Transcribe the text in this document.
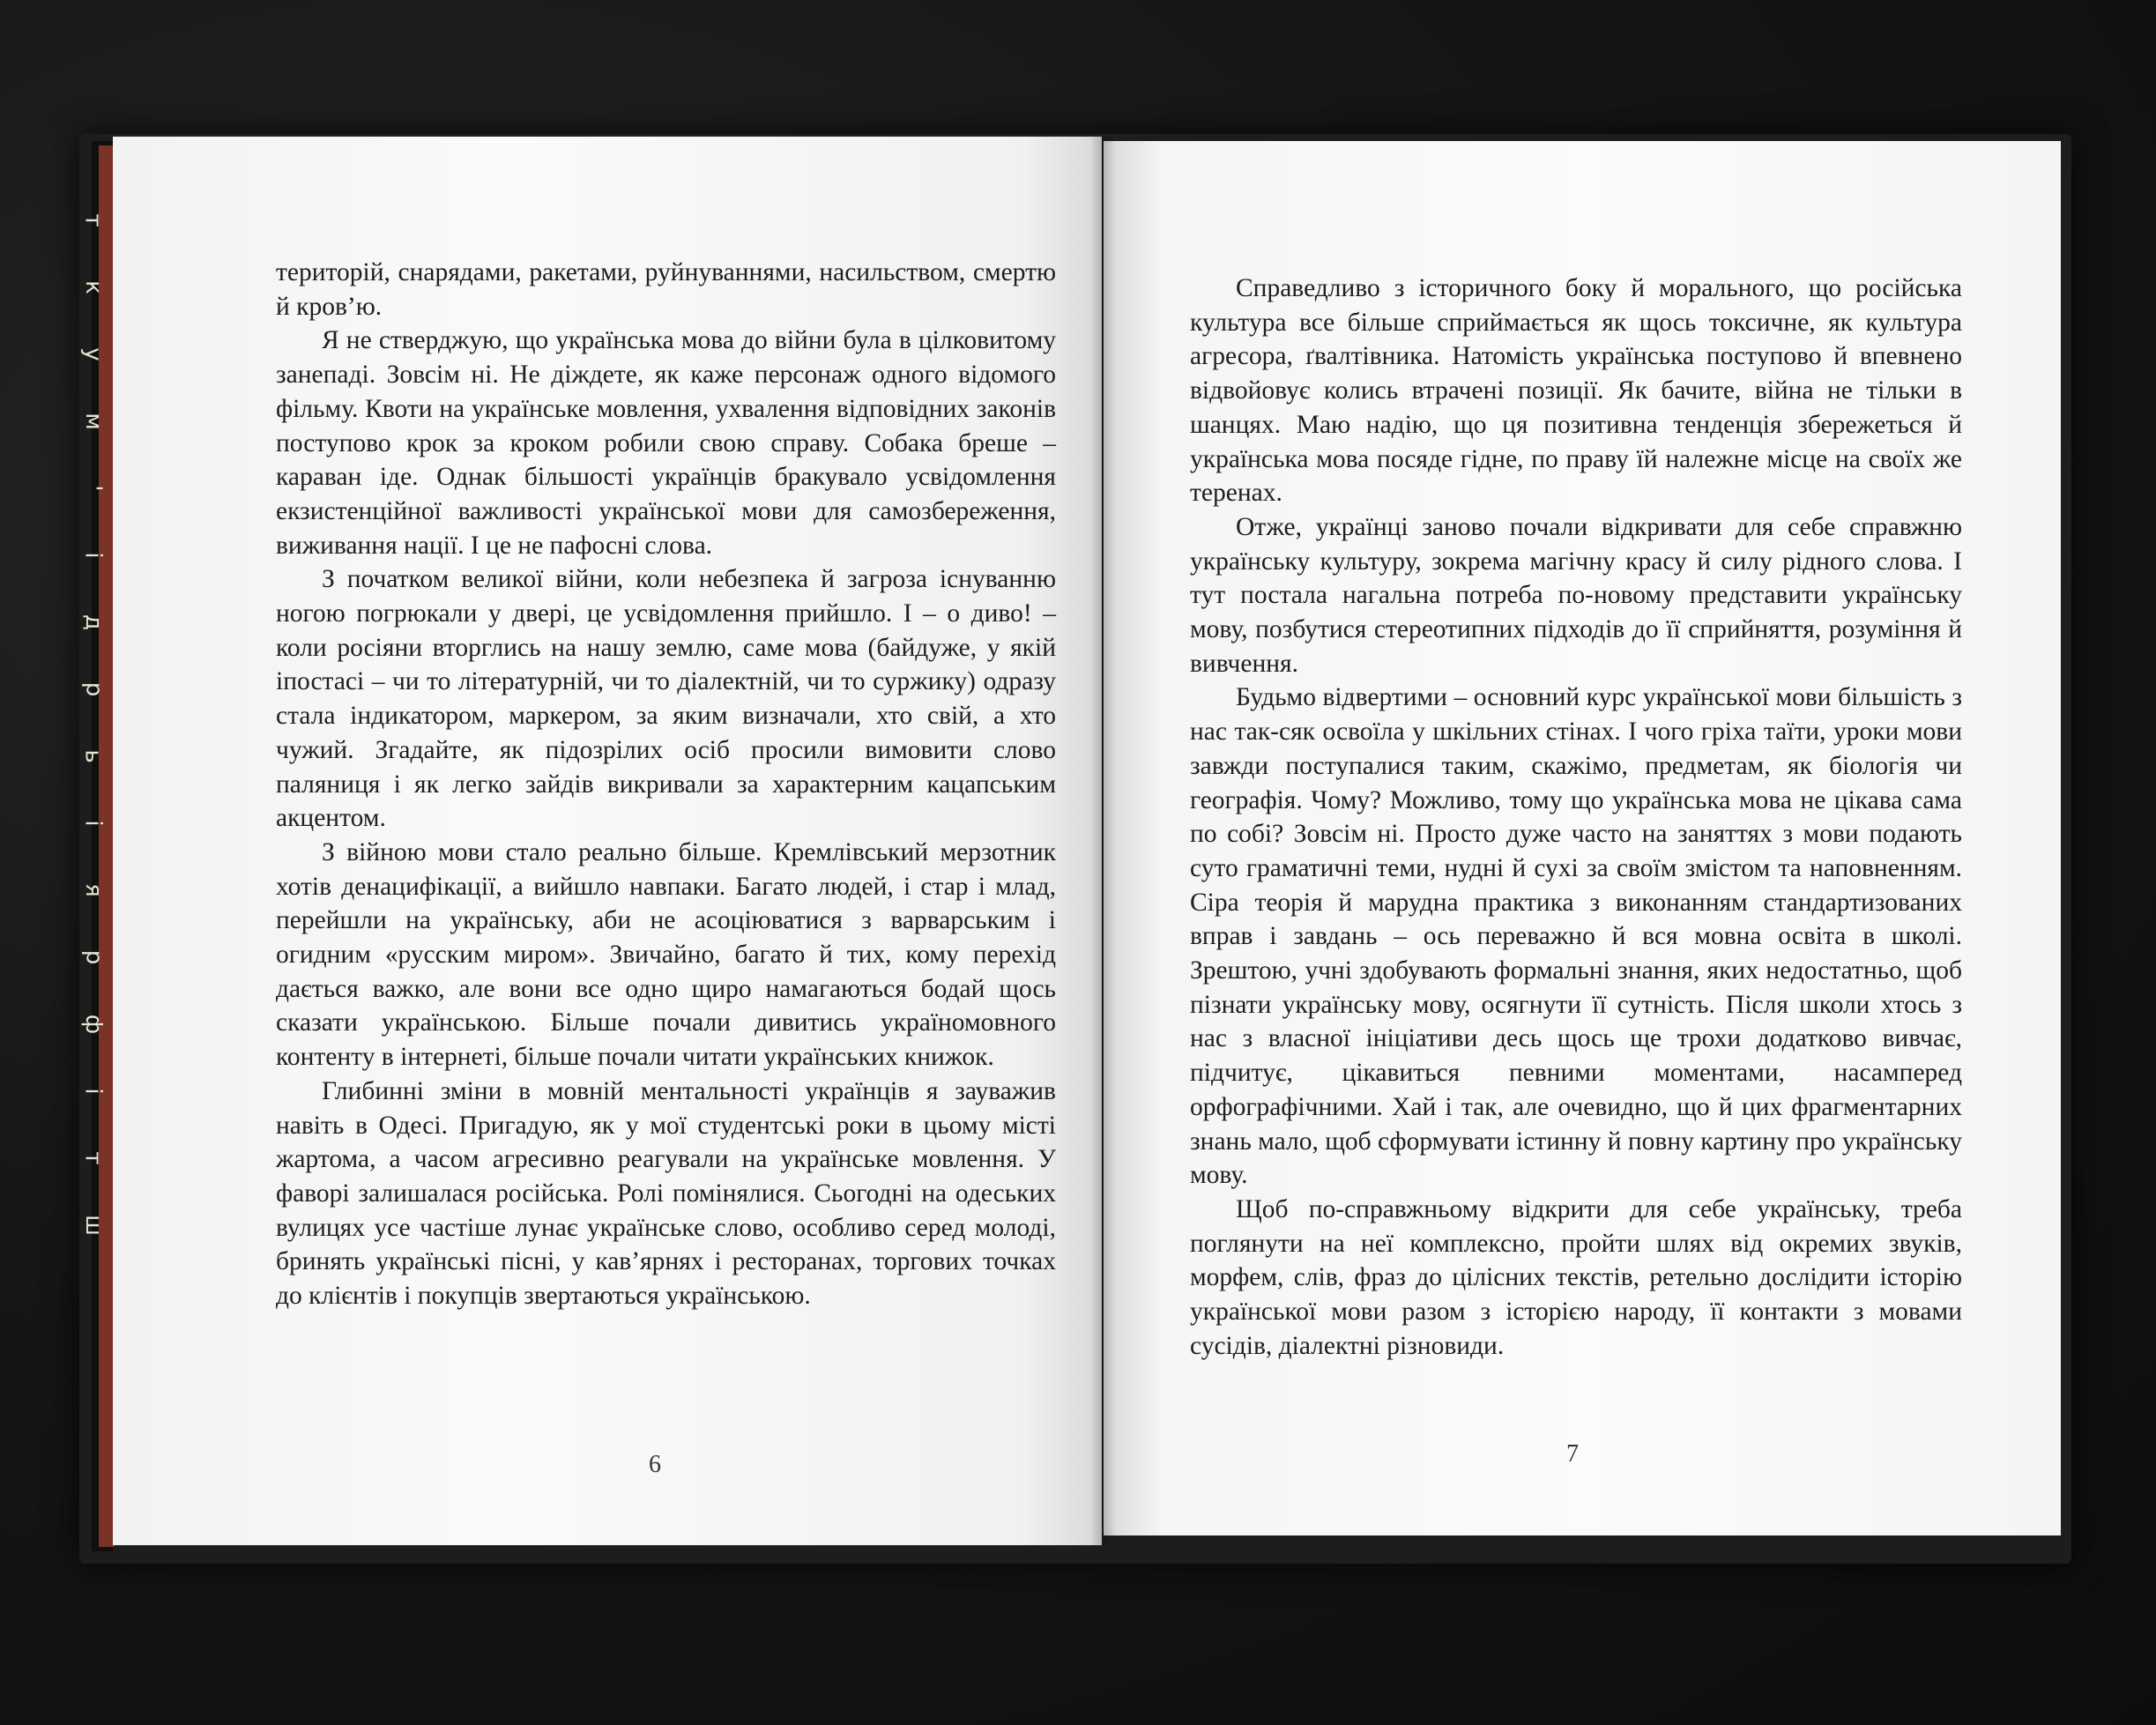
т
к
у
м
'
і
д
р
ь
і
я
р
ф
і
т
ш

територій, снарядами, ракетами, руйнуваннями, насильством, смертю й кров’ю.

Я не стверджую, що українська мова до війни була в цілковитому занепаді. Зовсім ні. Не діждете, як каже персонаж одного відомого фільму. Квоти на українське мовлення, ухвалення відповідних законів поступово крок за кроком робили свою справу. Собака бреше – караван іде. Однак більшості українців бракувало усвідомлення екзистенційної важливості української мови для самозбереження, виживання нації. І це не пафосні слова.

З початком великої війни, коли небезпека й загроза існуванню ногою погрюкали у двері, це усвідомлення прийшло. І – о диво! – коли росіяни вторглись на нашу землю, саме мова (байдуже, у якій іпостасі – чи то літературній, чи то діалектній, чи то суржику) одразу стала індикатором, маркером, за яким визначали, хто свій, а хто чужий. Згадайте, як підозрілих осіб просили вимовити слово паляниця і як легко зайдів викривали за характерним кацапським акцентом.

З війною мови стало реально більше. Кремлівський мерзотник хотів денацифікації, а вийшло навпаки. Багато людей, і стар і млад, перейшли на українську, аби не асоціюватися з варварським і огидним «русским миром». Звичайно, багато й тих, кому перехід дається важко, але вони все одно щиро намагаються бодай щось сказати українською. Більше почали дивитись україномовного контенту в інтернеті, більше почали читати українських книжок.

Глибинні зміни в мовній ментальності українців я зауважив навіть в Одесі. Пригадую, як у мої студентські роки в цьому місті жартома, а часом агресивно реагували на українське мовлення. У фаворі залишалася російська. Ролі помінялися. Сьогодні на одеських вулицях усе частіше лунає українське слово, особливо серед молоді, бринять українські пісні, у кав’ярнях і ресторанах, торгових точках до клієнтів і покупців звертаються українською.

6

Справедливо з історичного боку й морального, що російська культура все більше сприймається як щось токсичне, як культура агресора, ґвалтівника. Натомість українська поступово й впевнено відвойовує колись втрачені позиції. Як бачите, війна не тільки в шанцях. Маю надію, що ця позитивна тенденція збережеться й українська мова посяде гідне, по праву їй належне місце на своїх же теренах.

Отже, українці заново почали відкривати для себе справжню українську культуру, зокрема магічну красу й силу рідного слова. І тут постала нагальна потреба по-новому представити українську мову, позбутися стереотипних підходів до її сприйняття, розуміння й вивчення.

Будьмо відвертими – основний курс української мови більшість з нас так-сяк освоїла у шкільних стінах. І чого гріха таїти, уроки мови завжди поступалися таким, скажімо, предметам, як біологія чи географія. Чому? Можливо, тому що українська мова не цікава сама по собі? Зовсім ні. Просто дуже часто на заняттях з мови подають суто граматичні теми, нудні й сухі за своїм змістом та наповненням. Сіра теорія й марудна практика з виконанням стандартизованих вправ і завдань – ось переважно й вся мовна освіта в школі. Зрештою, учні здобувають формальні знання, яких недостатньо, щоб пізнати українську мову, осягнути її сутність. Після школи хтось з нас з власної ініціативи десь щось ще трохи додатково вивчає, підчитує, цікавиться певними моментами, насамперед орфографічними. Хай і так, але очевидно, що й цих фрагментарних знань мало, щоб сформувати істинну й повну картину про українську мову.

Щоб по-справжньому відкрити для себе українську, треба поглянути на неї комплексно, пройти шлях від окремих звуків, морфем, слів, фраз до цілісних текстів, ретельно дослідити історію української мови разом з історією народу, її контакти з мовами сусідів, діалектні різновиди.

7
